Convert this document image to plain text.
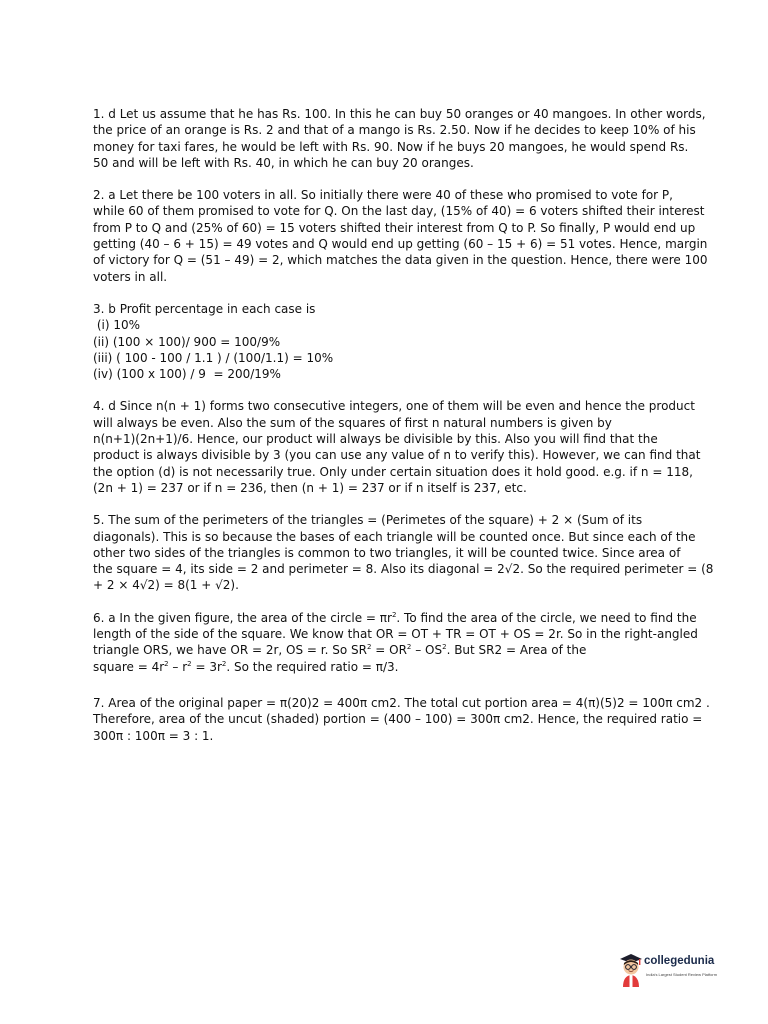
1. d Let us assume that he has Rs. 100. In this he can buy 50 oranges or 40 mangoes. In other words,
the price of an orange is Rs. 2 and that of a mango is Rs. 2.50. Now if he decides to keep 10% of his
money for taxi fares, he would be left with Rs. 90. Now if he buys 20 mangoes, he would spend Rs.
50 and will be left with Rs. 40, in which he can buy 20 oranges.
2. a Let there be 100 voters in all. So initially there were 40 of these who promised to vote for P,
while 60 of them promised to vote for Q. On the last day, (15% of 40) = 6 voters shifted their interest
from P to Q and (25% of 60) = 15 voters shifted their interest from Q to P. So finally, P would end up
getting (40 – 6 + 15) = 49 votes and Q would end up getting (60 – 15 + 6) = 51 votes. Hence, margin
of victory for Q = (51 – 49) = 2, which matches the data given in the question. Hence, there were 100
voters in all.
3. b Profit percentage in each case is
(i) 10%
(ii) (100 × 100)/ 900 = 100/9%
(iii) ( 100 - 100 / 1.1 ) / (100/1.1) = 10%
(iv) (100 x 100) / 9  = 200/19%
4. d Since n(n + 1) forms two consecutive integers, one of them will be even and hence the product
will always be even. Also the sum of the squares of first n natural numbers is given by
n(n+1)(2n+1)/6. Hence, our product will always be divisible by this. Also you will find that the
product is always divisible by 3 (you can use any value of n to verify this). However, we can find that
the option (d) is not necessarily true. Only under certain situation does it hold good. e.g. if n = 118,
(2n + 1) = 237 or if n = 236, then (n + 1) = 237 or if n itself is 237, etc.
5. The sum of the perimeters of the triangles = (Perimetes of the square) + 2 × (Sum of its
diagonals). This is so because the bases of each triangle will be counted once. But since each of the
other two sides of the triangles is common to two triangles, it will be counted twice. Since area of
the square = 4, its side = 2 and perimeter = 8. Also its diagonal = 2√2. So the required perimeter = (8
+ 2 × 4√2) = 8(1 + √2).
6. a In the given figure, the area of the circle = $\pi r^2$. To find the area of the circle, we need to find the
length of the side of the square. We know that OR = OT + TR = OT + OS = 2r. So in the right-angled
triangle ORS, we have OR = 2r, OS = r. So $SR^2 = OR^2 - OS^2$. But SR2 = Area of the
square = $4r^2 - r^2 = 3r^2$. So the required ratio = π/3.
7. Area of the original paper = π(20)2 = 400π cm2. The total cut portion area = 4(π)(5)2 = 100π cm2 .
Therefore, area of the uncut (shaded) portion = (400 – 100) = 300π cm2. Hence, the required ratio =
300π : 100π = 3 : 1.
collegedunia
India's Largest Student Review Platform
